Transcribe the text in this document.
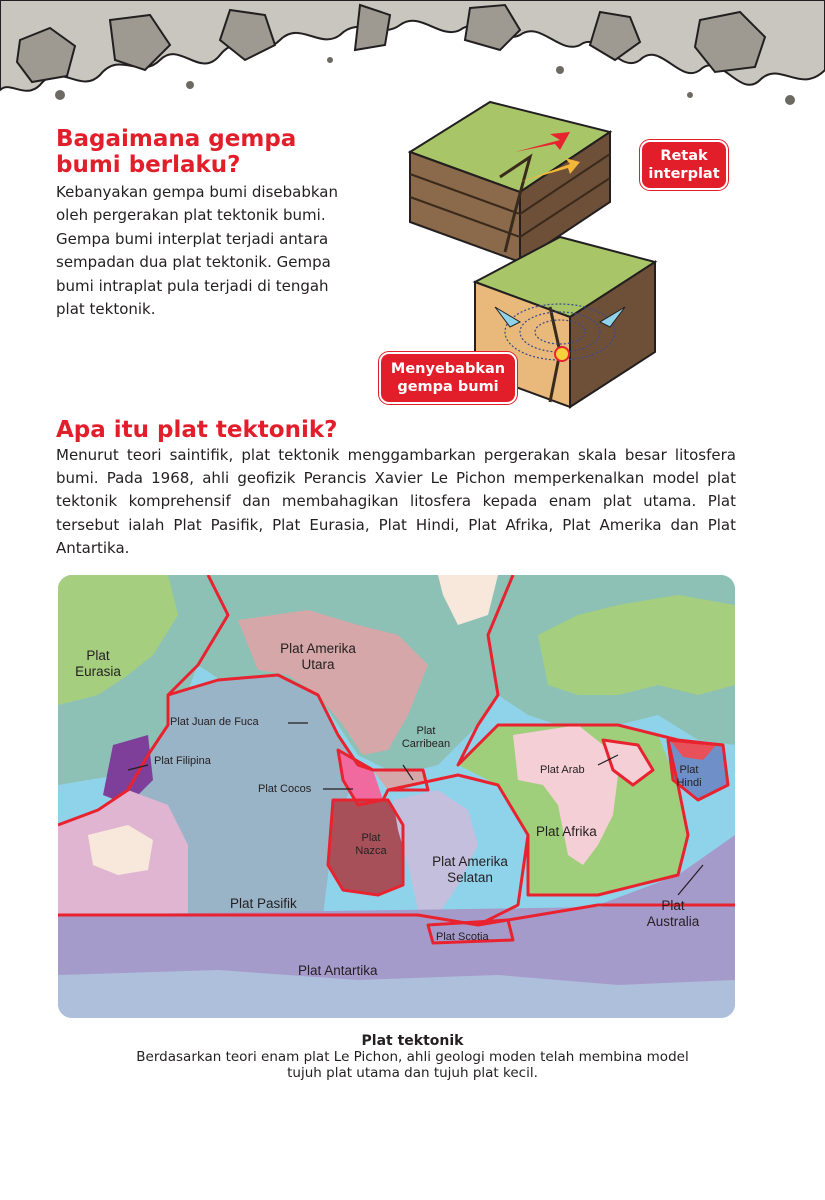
Bagaimana gempa bumi berlaku?
Kebanyakan gempa bumi disebabkan oleh pergerakan plat tektonik bumi. Gempa bumi interplat terjadi antara sempadan dua plat tektonik. Gempa bumi intraplat pula terjadi di tengah plat tektonik.
Retak interplat
Menyebabkan gempa bumi
Apa itu plat tektonik?
Menurut teori saintifik, plat tektonik menggambarkan pergerakan skala besar litosfera bumi. Pada 1968, ahli geofizik Perancis Xavier Le Pichon memperkenalkan model plat tektonik komprehensif dan membahagikan litosfera kepada enam plat utama. Plat tersebut ialah Plat Pasifik, Plat Eurasia, Plat Hindi, Plat Afrika, Plat Amerika dan Plat Antartika.
Plat Eurasia
Plat Amerika Utara
Plat Juan de Fuca
Plat Filipina
Plat Carribean
Plat Cocos
Plat Arab	Plat Hindi
Plat Afrika
Plat Nazca
Plat Amerika Selatan
Plat Pasifik	Plat Australia
Plat Scotia
Plat Antartika
Plat tektonik
Berdasarkan teori enam plat Le Pichon, ahli geologi moden telah membina model tujuh plat utama dan tujuh plat kecil.
